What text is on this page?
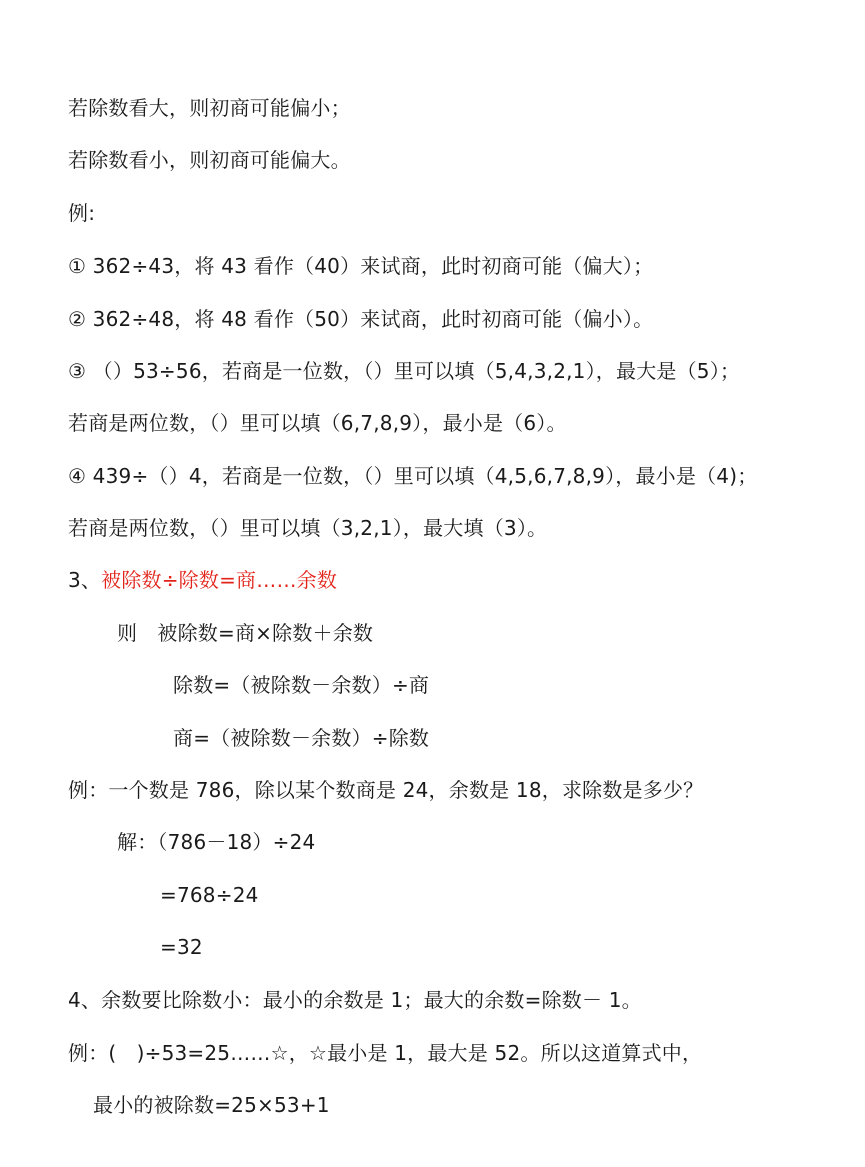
若除数看大，则初商可能偏小；
若除数看小，则初商可能偏大。
例:
① 362÷43，将 43 看作（40）来试商，此时初商可能（偏大）；
② 362÷48，将 48 看作（50）来试商，此时初商可能（偏小）。
③ （）53÷56，若商是一位数，（）里可以填（5,4,3,2,1），最大是（5）；
若商是两位数，（）里可以填（6,7,8,9），最小是（6）。
④ 439÷（）4，若商是一位数，（）里可以填（4,5,6,7,8,9），最小是（4)；
若商是两位数，（）里可以填（3,2,1），最大填（3）。
3、被除数÷除数=商……余数
则　被除数=商×除数＋余数
除数=（被除数－余数）÷商
商=（被除数－余数）÷除数
例：一个数是 786，除以某个数商是 24，余数是 18，求除数是多少？
解：（786－18）÷24
=768÷24
=32
4、余数要比除数小：最小的余数是 1；最大的余数=除数－ 1。
例：(　)÷53=25……☆，☆最小是 1，最大是 52。所以这道算式中，
最小的被除数=25×53+1
